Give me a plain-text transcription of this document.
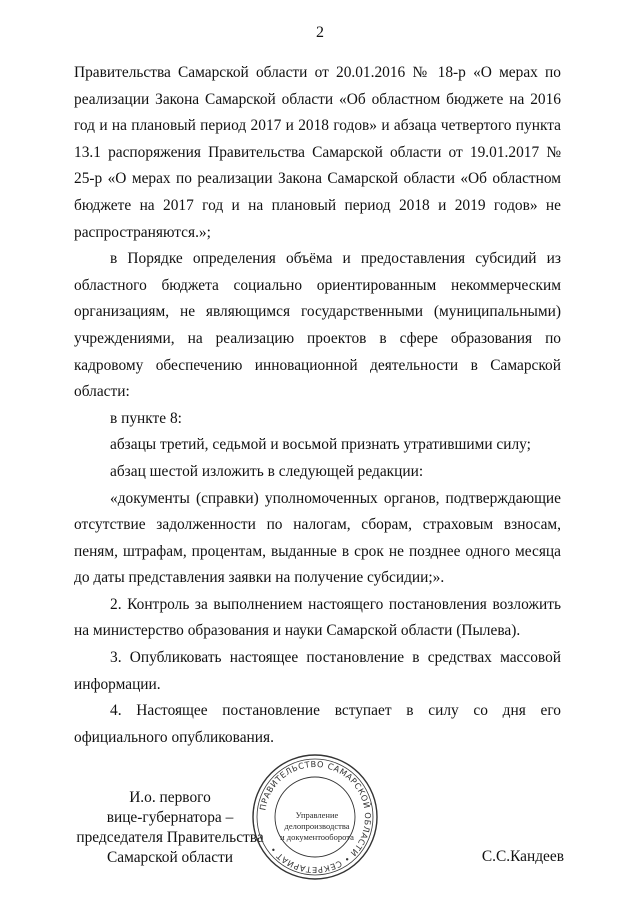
2

Правительства Самарской области от 20.01.2016 № 18-р «О мерах по реализации Закона Самарской области «Об областном бюджете на 2016 год и на плановый период 2017 и 2018 годов» и абзаца четвертого пункта 13.1 распоряжения Правительства Самарской области от 19.01.2017 № 25-р «О мерах по реализации Закона Самарской области «Об областном бюджете на 2017 год и на плановый период 2018 и 2019 годов» не распространяются.»;

в Порядке определения объёма и предоставления субсидий из областного бюджета социально ориентированным некоммерческим организациям, не являющимся государственными (муниципальными) учреждениями, на реализацию проектов в сфере образования по кадровому обеспечению инновационной деятельности в Самарской области:

в пункте 8:

абзацы третий, седьмой и восьмой признать утратившими силу;

абзац шестой изложить в следующей редакции:

«документы (справки) уполномоченных органов, подтверждающие отсутствие задолженности по налогам, сборам, страховым взносам, пеням, штрафам, процентам, выданные в срок не позднее одного месяца до даты представления заявки на получение субсидии;».

2. Контроль за выполнением настоящего постановления возложить на министерство образования и науки Самарской области (Пылева).

3. Опубликовать настоящее постановление в средствах массовой информации.

4. Настоящее постановление вступает в силу со дня его официального опубликования.

И.о. первого
вице-губернатора –
председателя Правительства
Самарской области
ПРАВИТЕЛЬСТВО САМАРСКОЙ ОБЛАСТИ • СЕКРЕТАРИАТ •
Управление
делопроизводства
и документооборота
С.С.Кандеев
